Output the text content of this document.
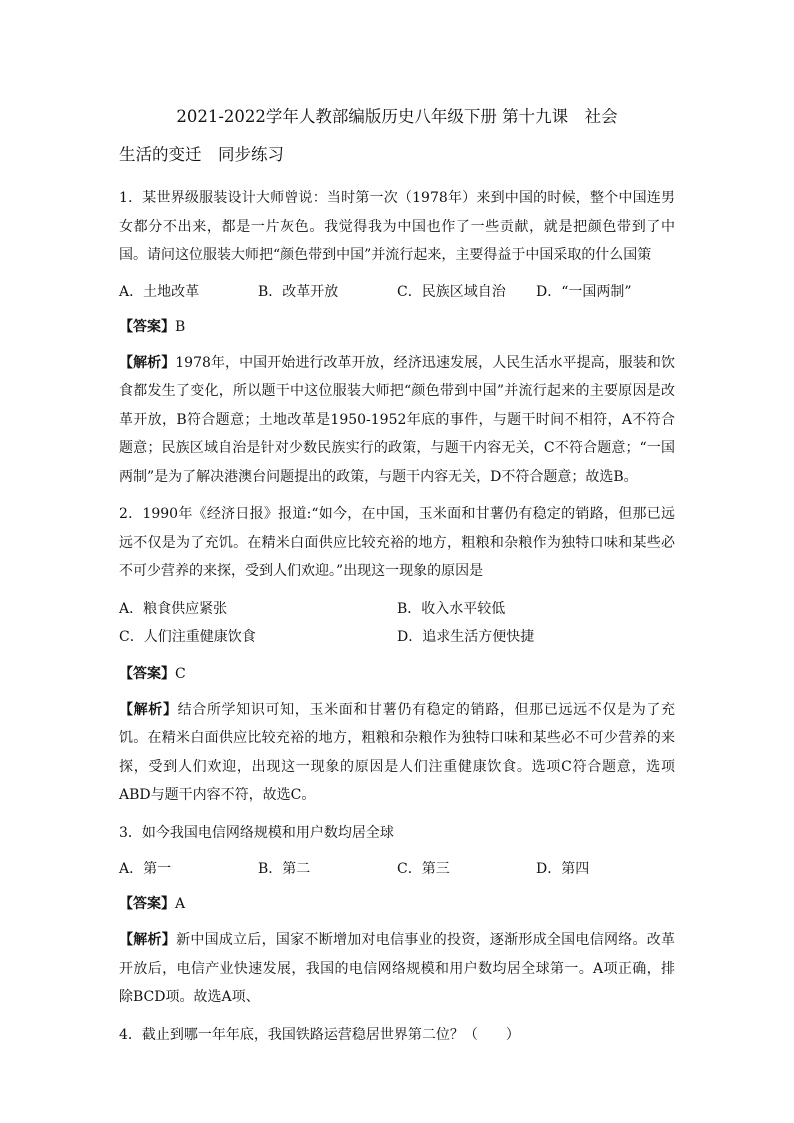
2021-2022学年人教部编版历史八年级下册 第十九课　社会
生活的变迁　同步练习

1．某世界级服装设计大师曾说：当时第一次（1978年）来到中国的时候，整个中国连男女都分不出来，都是一片灰色。我觉得我为中国也作了一些贡献，就是把颜色带到了中国。请问这位服装大师把“颜色带到中国”并流行起来，主要得益于中国采取的什么国策

A．土地改革	B．改革开放	C．民族区域自治	D．“一国两制”
【答案】B

【解析】1978年，中国开始进行改革开放，经济迅速发展，人民生活水平提高，服装和饮食都发生了变化，所以题干中这位服装大师把“颜色带到中国”并流行起来的主要原因是改革开放，B符合题意；土地改革是1950-1952年底的事件，与题干时间不相符，A不符合题意；民族区域自治是针对少数民族实行的政策，与题干内容无关，C不符合题意；“一国两制”是为了解决港澳台问题提出的政策，与题干内容无关，D不符合题意；故选B。

2．1990年《经济日报》报道:“如今，在中国，玉米面和甘薯仍有稳定的销路，但那已远远不仅是为了充饥。在精米白面供应比较充裕的地方，粗粮和杂粮作为独特口味和某些必不可少营养的来探，受到人们欢迎。”出现这一现象的原因是

A．粮食供应紧张	B．收入水平较低
C．人们注重健康饮食	D．追求生活方便快捷
【答案】C

【解析】结合所学知识可知，玉米面和甘薯仍有稳定的销路，但那已远远不仅是为了充饥。在精米白面供应比较充裕的地方，粗粮和杂粮作为独特口味和某些必不可少营养的来探，受到人们欢迎，出现这一现象的原因是人们注重健康饮食。选项C符合题意，选项ABD与题干内容不符，故选C。

3．如今我国电信网络规模和用户数均居全球

A．第一	B．第二	C．第三	D．第四
【答案】A

【解析】新中国成立后，国家不断增加对电信事业的投资，逐渐形成全国电信网络。改革开放后，电信产业快速发展，我国的电信网络规模和用户数均居全球第一。A项正确，排除BCD项。故选A项、

4．截止到哪一年年底，我国铁路运营稳居世界第二位？（　　）
